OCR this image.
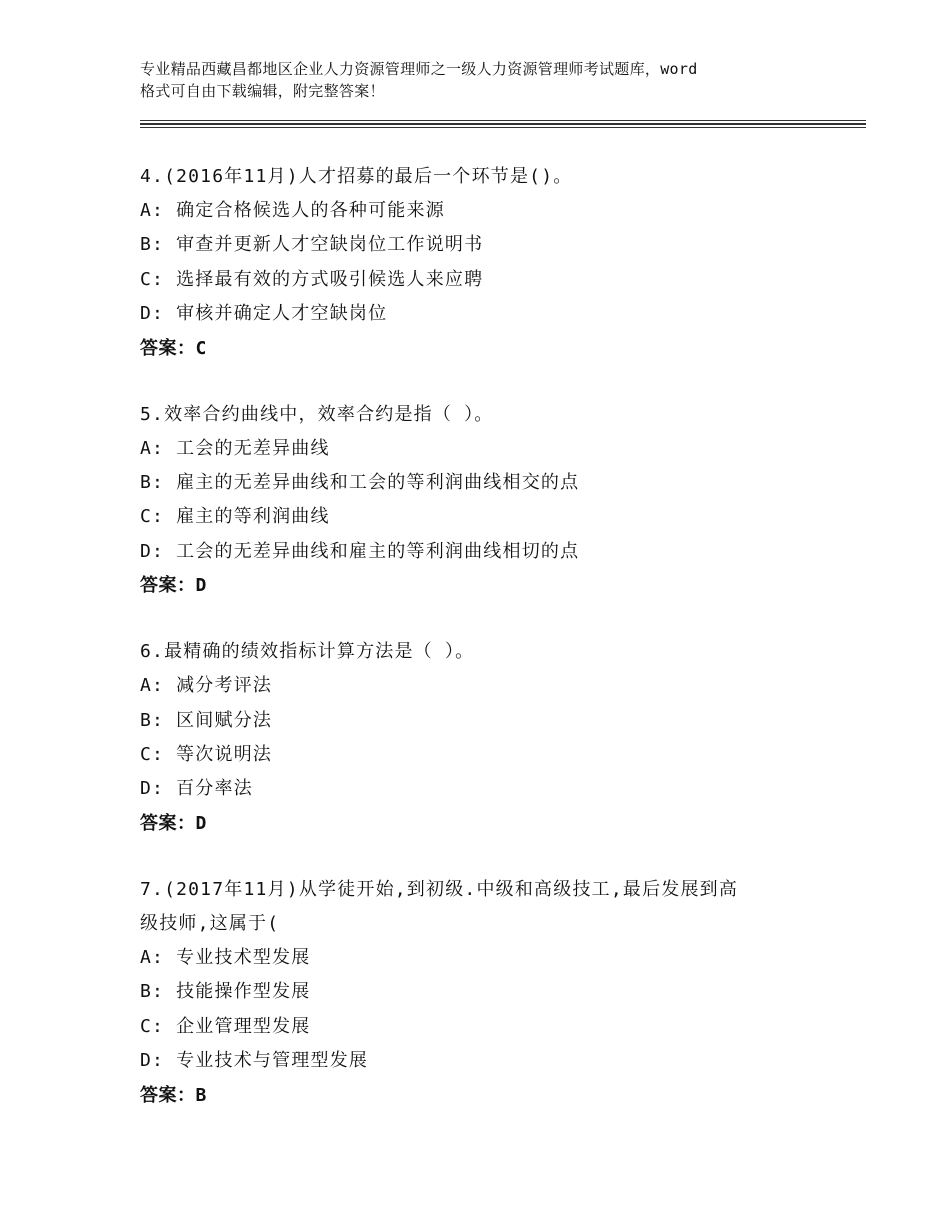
专业精品西藏昌都地区企业人力资源管理师之一级人力资源管理师考试题库，word
格式可自由下载编辑，附完整答案！

4.(2016年11月)人才招募的最后一个环节是()。

A: 确定合格候选人的各种可能来源

B: 审查并更新人才空缺岗位工作说明书

C: 选择最有效的方式吸引候选人来应聘

D: 审核并确定人才空缺岗位

答案：C

5.效率合约曲线中，效率合约是指（ ）。

A: 工会的无差异曲线

B: 雇主的无差异曲线和工会的等利润曲线相交的点

C: 雇主的等利润曲线

D: 工会的无差异曲线和雇主的等利润曲线相切的点

答案：D

6.最精确的绩效指标计算方法是（ ）。

A: 减分考评法

B: 区间赋分法

C: 等次说明法

D: 百分率法

答案：D

7.(2017年11月)从学徒开始,到初级.中级和高级技工,最后发展到高

级技师,这属于(

A: 专业技术型发展

B: 技能操作型发展

C: 企业管理型发展

D: 专业技术与管理型发展

答案：B
